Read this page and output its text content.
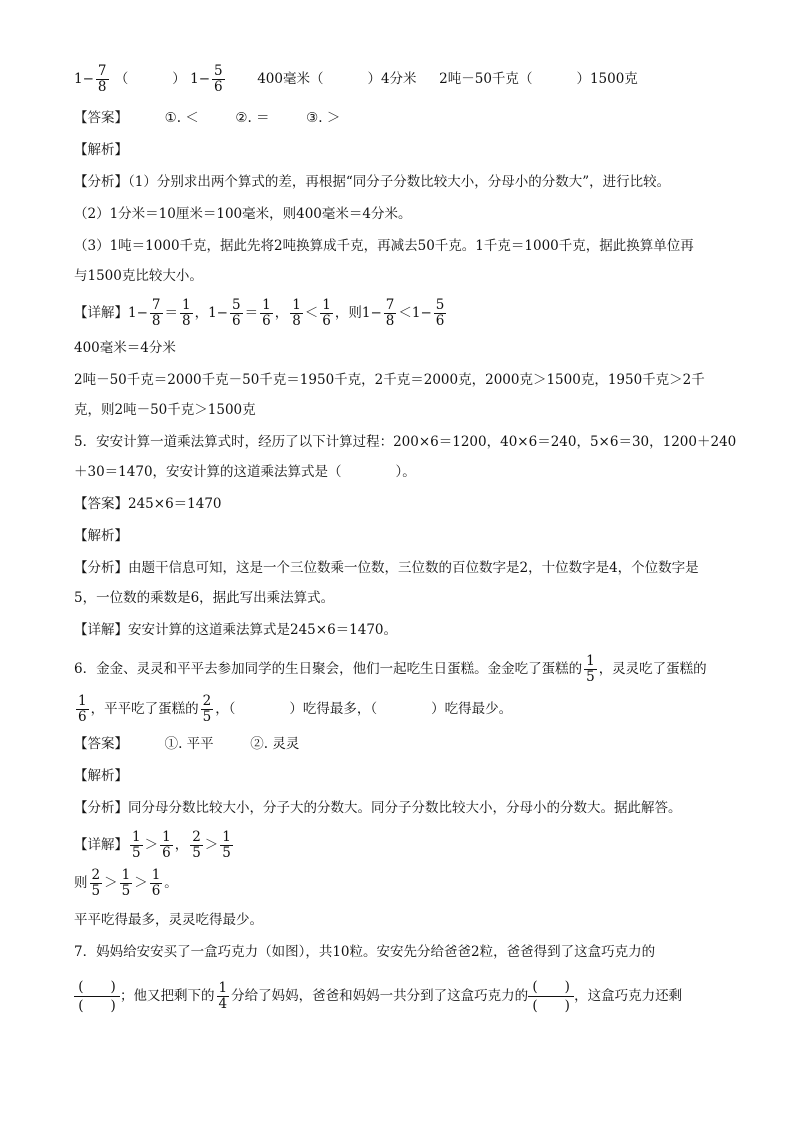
$1- \frac{7}{8}$ （	） $1- \frac{5}{6} 400$毫米（	）4分米 2吨－50千克（	）1500克
【答案】	①. ＜	②. ＝	③. ＞
【解析】
【分析】（1）分别求出两个算式的差，再根据“同分子分数比较大小，分母小的分数大”，进行比较。
（2）1分米＝10厘米＝100毫米，则400毫米＝4分米。
（3）1吨＝1000千克，据此先将2吨换算成千克，再减去50千克。1千克＝1000千克，据此换算单位再
与1500克比较大小。
【详解】$1- \frac{7}{8} = \frac{1}{8}$ ，$1- \frac{5}{6} = \frac{1}{6}$ ， $\frac{1}{8} < \frac{1}{6}$ ，则$1- \frac{7}{8} <1- \frac{5}{6}$
400毫米＝4分米
2吨－50千克＝2000千克－50千克＝1950千克，2千克＝2000克，2000克＞1500克，1950千克＞2千
克，则2吨－50千克＞1500克
5．安安计算一道乘法算式时，经历了以下计算过程：200×6＝1200，40×6＝240，5×6＝30，1200＋240
＋30＝1470，安安计算的这道乘法算式是（　　　　）。
【答案】245×6＝1470
【解析】
【分析】由题干信息可知，这是一个三位数乘一位数，三位数的百位数字是2，十位数字是4，个位数字是
5，一位数的乘数是6，据此写出乘法算式。
【详解】安安计算的这道乘法算式是245×6＝1470。
6．金金、灵灵和平平去参加同学的生日聚会，他们一起吃生日蛋糕。金金吃了蛋糕的 $\frac{1}{5}$ ，灵灵吃了蛋糕的
$\frac{1}{6}$ ，平平吃了蛋糕的 $\frac{2}{5}$ ，（　　　　）吃得最多，（　　　　）吃得最少。
【答案】	①. 平平	②. 灵灵
【解析】
【分析】同分母分数比较大小，分子大的分数大。同分子分数比较大小，分母小的分数大。据此解答。
【详解】 $\frac{1}{5} > \frac{1}{6}$ ， $\frac{2}{5} > \frac{1}{5}$
则 $\frac{2}{5} > \frac{1}{5} > \frac{1}{6}$ 。
平平吃得最多，灵灵吃得最少。
7．妈妈给安安买了一盒巧克力（如图），共10粒。安安先分给爸爸2粒，爸爸得到了这盒巧克力的
(　　)
(　　)；他又把剩下的 $\frac{1}{4}$ 分给了妈妈，爸爸和妈妈一共分到了这盒巧克力的
(　　)
(　　)，这盒巧克力还剩
